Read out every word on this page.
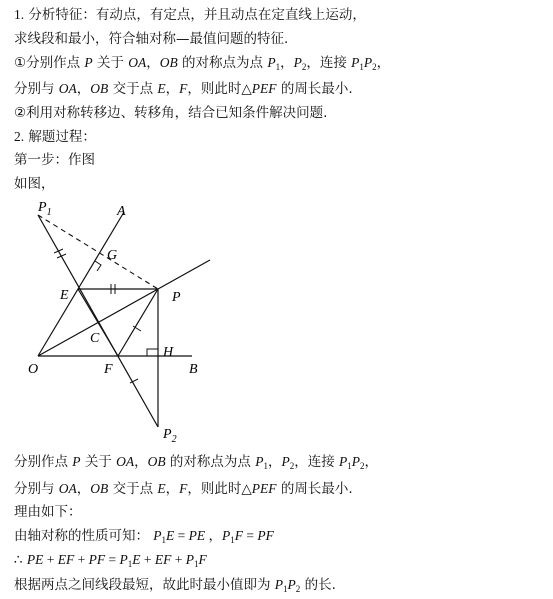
1. 分析特征：有动点，有定点，并且动点在定直线上运动，
求线段和最小，符合轴对称—最值问题的特征.
①分别作点 P 关于 OA，OB 的对称点为点 $P_1$，$P_2$，连接 $P_1P_2$，
分别与 OA，OB 交于点 E，F，则此时△PEF 的周长最小.
②利用对称转移边、转移角，结合已知条件解决问题.
2. 解题过程：
第一步：作图
如图，
分别作点 P 关于 OA，OB 的对称点为点 $P_1$，$P_2$，连接 $P_1P_2$，
分别与 OA，OB 交于点 E，F，则此时△PEF 的周长最小.
理由如下：
由轴对称的性质可知： $P_1E$ = PE ，$P_1F$ = PF
∴ PE + EF + PF = $P_1E$ + EF + $P_1F$
根据两点之间线段最短，故此时最小值即为 $P_1P_2$ 的长.
$P_1$	A
G
E	P
C
H
O	F	B
$P_2$
